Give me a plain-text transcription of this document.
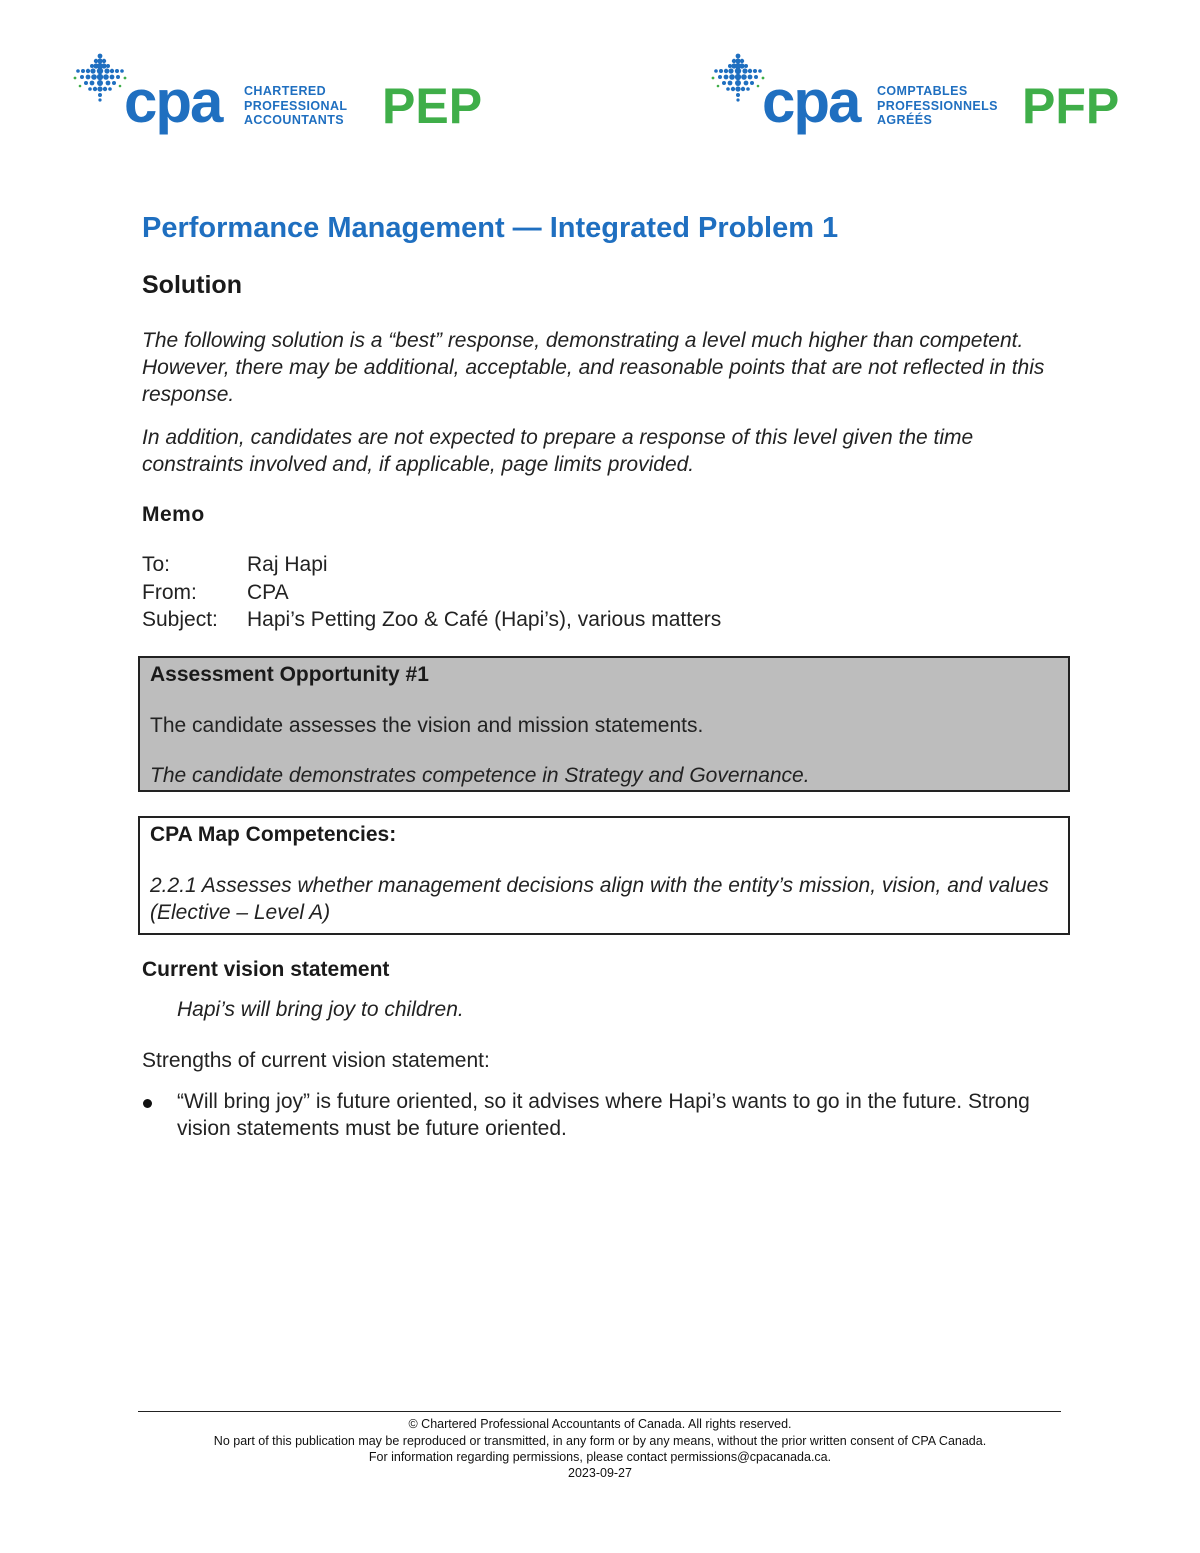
cpa CHARTERED
PROFESSIONAL
ACCOUNTANTS PEP	cpa COMPTABLES
PROFESSIONNELS
AGRÉÉS	PFP
Performance Management — Integrated Problem 1
Solution

The following solution is a “best” response, demonstrating a level much higher than competent. However, there may be additional, acceptable, and reasonable points that are not reflected in this response.

In addition, candidates are not expected to prepare a response of this level given the time constraints involved and, if applicable, page limits provided.

Memo
To:	Raj Hapi
From: CPA
Subject: Hapi’s Petting Zoo & Café (Hapi’s), various matters
Assessment Opportunity #1
The candidate assesses the vision and mission statements.
The candidate demonstrates competence in Strategy and Governance.
CPA Map Competencies:
2.2.1 Assesses whether management decisions align with the entity’s mission, vision, and values (Elective – Level A)
Current vision statement
Hapi’s will bring joy to children.
Strengths of current vision statement:
“Will bring joy” is future oriented, so it advises where Hapi’s wants to go in the future. Strong vision statements must be future oriented.
© Chartered Professional Accountants of Canada. All rights reserved.
No part of this publication may be reproduced or transmitted, in any form or by any means, without the prior written consent of CPA Canada.
For information regarding permissions, please contact permissions@cpacanada.ca.
2023-09-27
